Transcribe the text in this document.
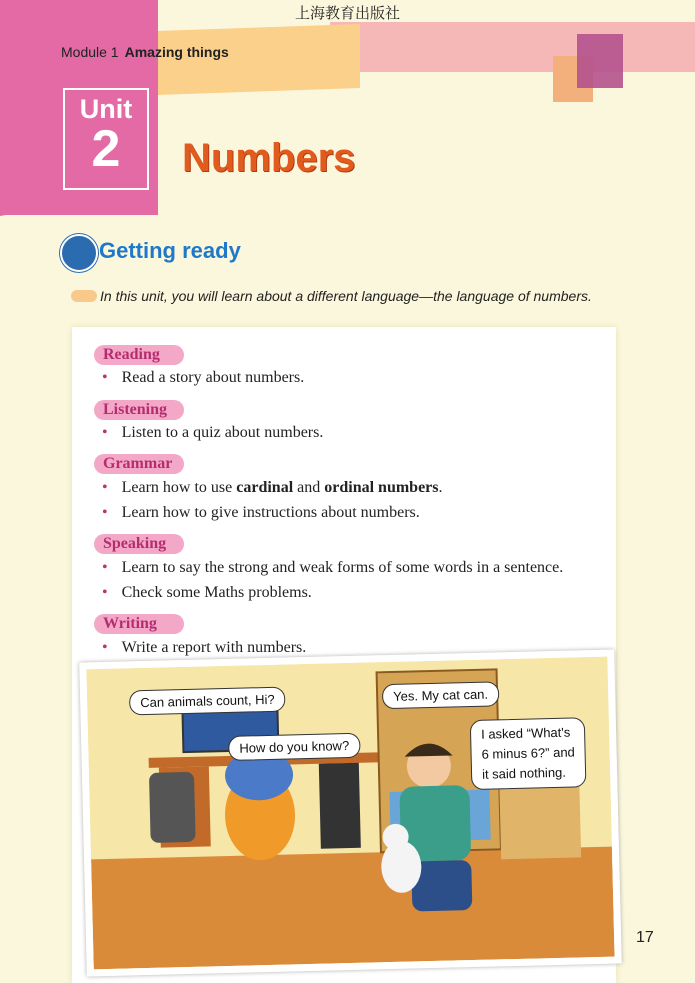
上海教育出版社
Module 1 Amazing things
Unit
2	Numbers
Getting ready
In this unit, you will learn about a different language—the language of numbers.
Reading
• Read a story about numbers.
Listening
• Listen to a quiz about numbers.
Grammar
• Learn how to use cardinal and ordinal numbers.
• Learn how to give instructions about numbers.
Speaking
• Learn to say the strong and weak forms of some words in a sentence.
• Check some Maths problems.
Writing
• Write a report with numbers.
Can animals count, Hi?
How do you know?
Yes. My cat can.
I asked “What's
6 minus 6?” and
it said nothing.
17
